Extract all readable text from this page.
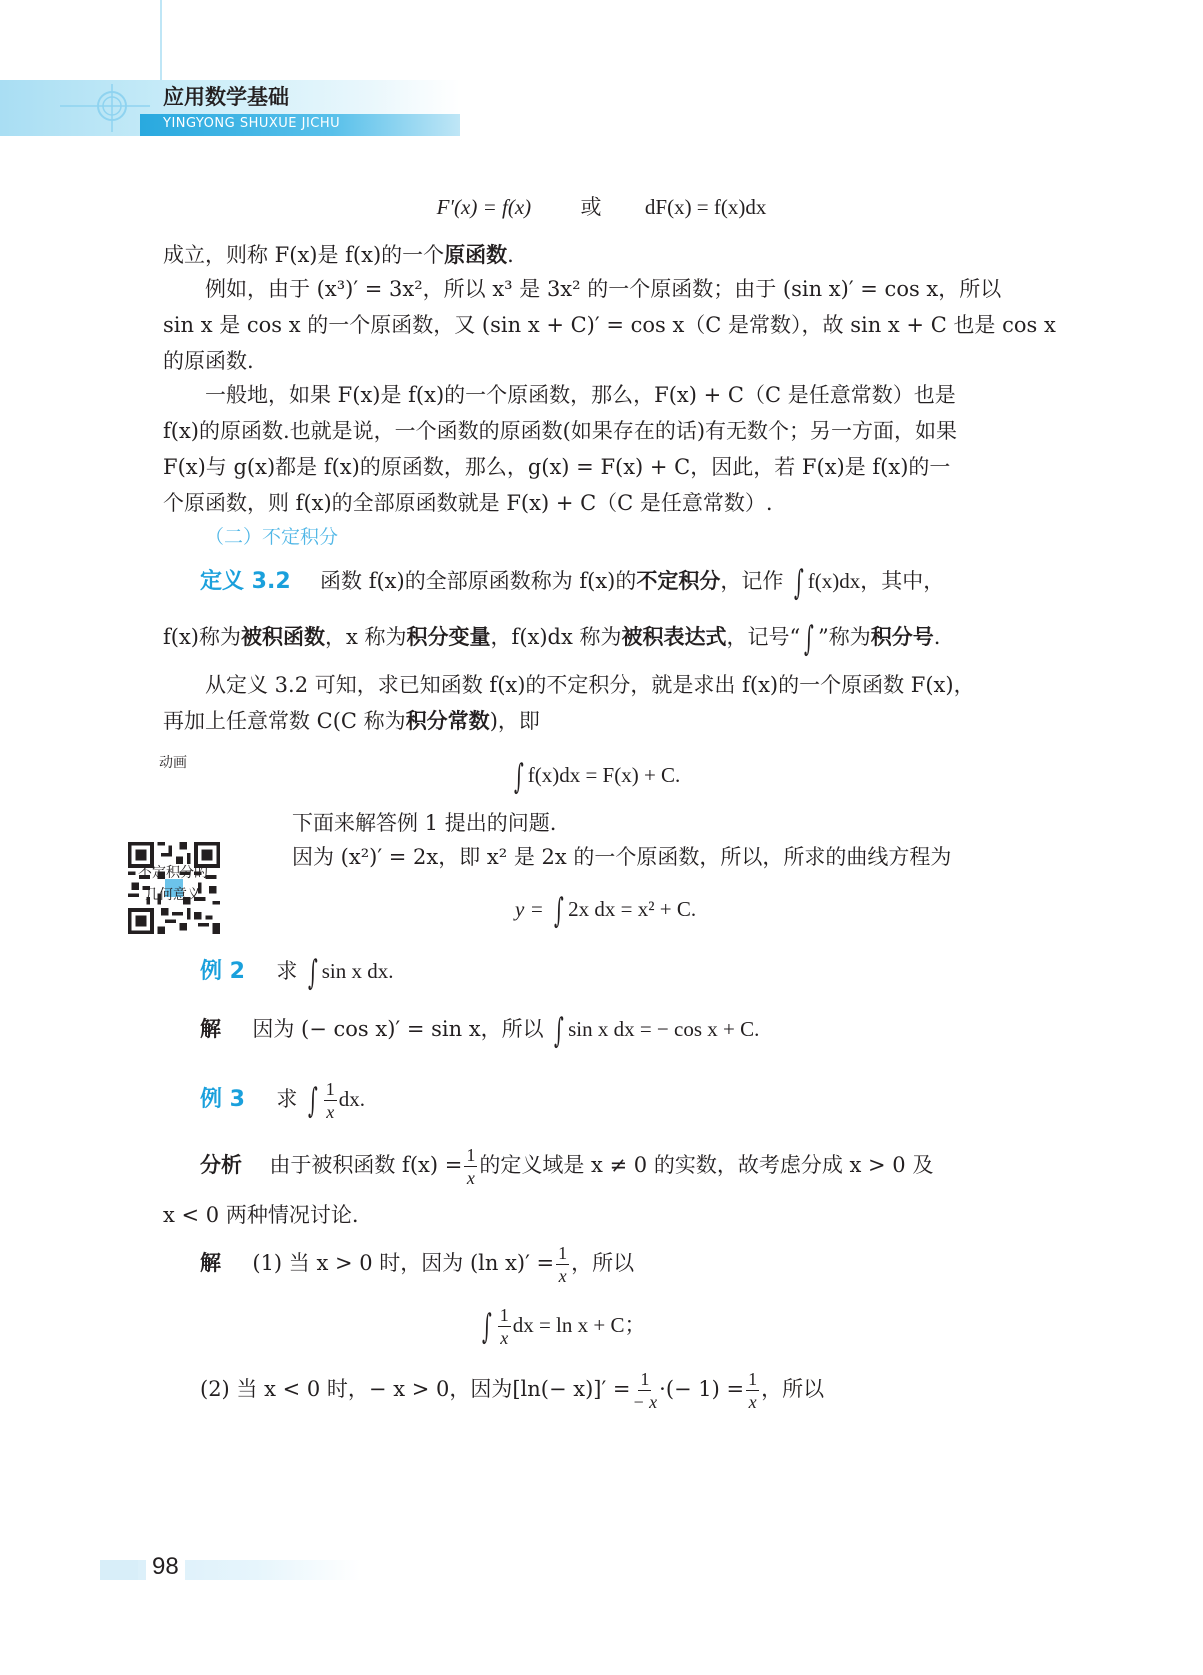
应用数学基础
YINGYONG SHUXUE JICHU
F′(x) = f(x) 或 dF(x) = f(x)dx
成立，则称 F(x)是 f(x)的一个原函数.
例如，由于 (x³)′ = 3x²，所以 x³ 是 3x² 的一个原函数；由于 (sin x)′ = cos x，所以
sin x 是 cos x 的一个原函数，又 (sin x + C)′ = cos x（C 是常数），故 sin x + C 也是 cos x
的原函数.
一般地，如果 F(x)是 f(x)的一个原函数，那么，F(x) + C（C 是任意常数）也是
f(x)的原函数.也就是说，一个函数的原函数(如果存在的话)有无数个；另一方面，如果
F(x)与 g(x)都是 f(x)的原函数，那么，g(x) = F(x) + C，因此，若 F(x)是 f(x)的一
个原函数，则 f(x)的全部原函数就是 F(x) + C（C 是任意常数）.
（二）不定积分
定义 3.2 函数 f(x)的全部原函数称为 f(x)的不定积分，记作 ∫ f(x)dx，其中，
f(x)称为被积函数，x 称为积分变量，f(x)dx 称为被积表达式，记号“ ∫ ”称为积分号.
从定义 3.2 可知，求已知函数 f(x)的不定积分，就是求出 f(x)的一个原函数 F(x)，
再加上任意常数 C(C 称为积分常数)，即
动画
不定积分的
几何意义
∫ f(x)dx = F(x) + C.
下面来解答例 1 提出的问题.
因为 (x²)′ = 2x，即 x² 是 2x 的一个原函数，所以，所求的曲线方程为
y = ∫ 2x dx = x² + C.
例 2 求 ∫ sin x dx.
解 因为 (− cos x)′ = sin x，所以 ∫ sin x dx = − cos x + C.
例 3 求 ∫ $\frac{1}{x}$ dx.
分析 由于被积函数 $f(x) = \frac{1}{x}$ 的定义域是 x ≠ 0 的实数，故考虑分成 x > 0 及
x < 0 两种情况讨论.
解 (1) 当 x > 0 时，因为 (ln $x)' = \frac{1}{x}$ ，所以
∫ $\frac{1}{x}$ dx = ln x + C；
(2) 当 x < 0 时，− x > 0，因为$[\ln(- x)]' = \frac{1}{- x}$ ·(− $1) = \frac{1}{x}$ ，所以
98
